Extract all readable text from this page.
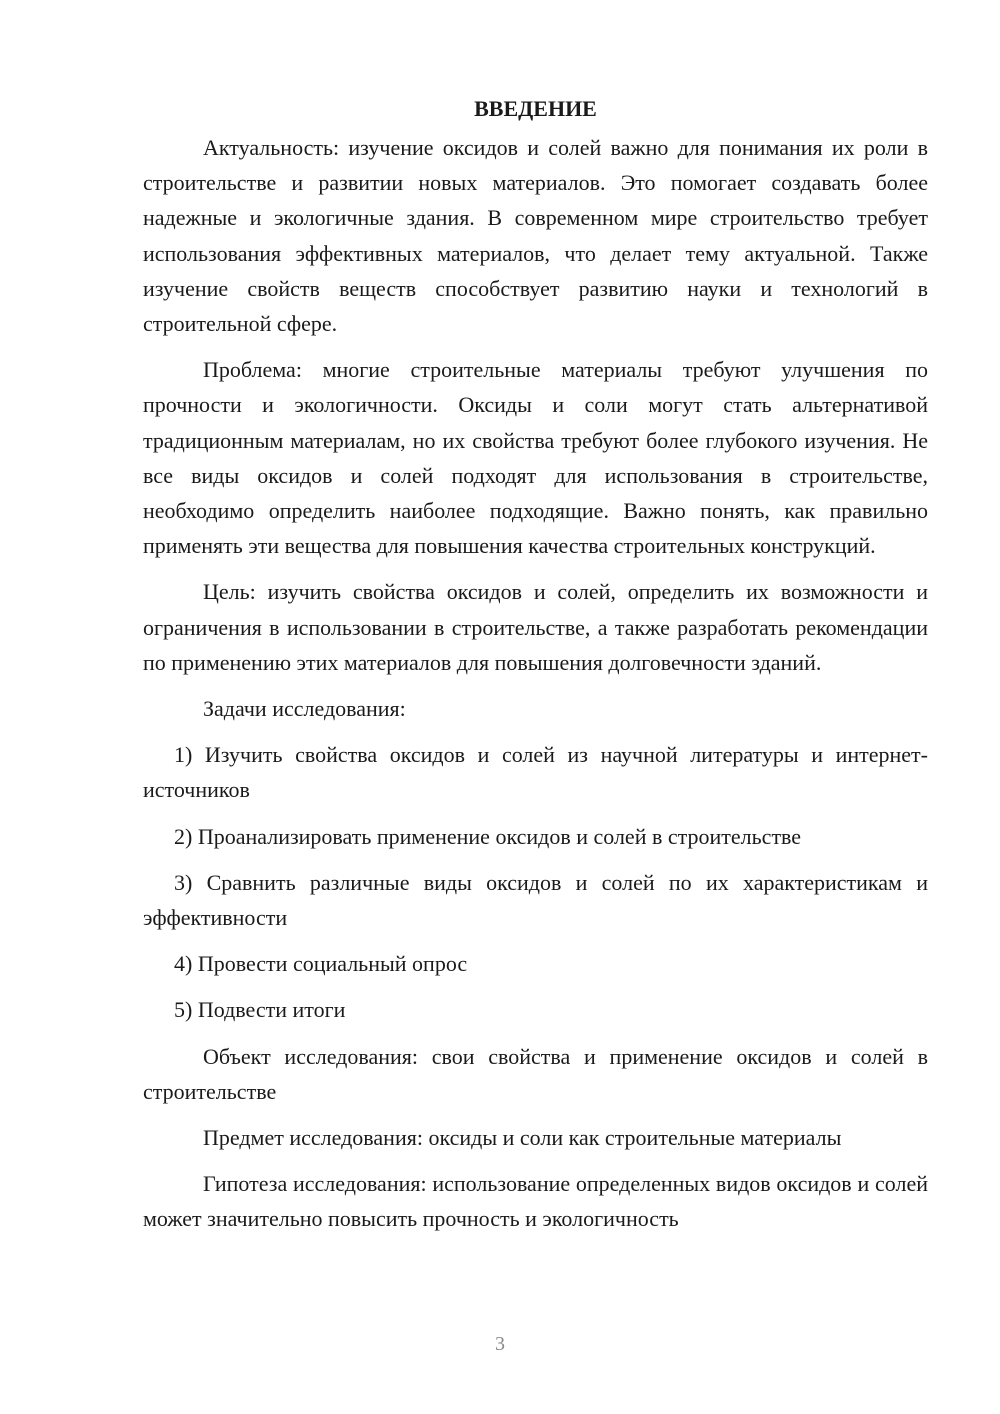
ВВЕДЕНИЕ

Актуальность: изучение оксидов и солей важно для понимания их роли в строительстве и развитии новых материалов. Это помогает создавать более надежные и экологичные здания. В современном мире строительство требует использования эффективных материалов, что делает тему актуальной. Также изучение свойств веществ способствует развитию науки и технологий в строительной сфере.

Проблема: многие строительные материалы требуют улучшения по прочности и экологичности. Оксиды и соли могут стать альтернативой традиционным материалам, но их свойства требуют более глубокого изучения. Не все виды оксидов и солей подходят для использования в строительстве, необходимо определить наиболее подходящие. Важно понять, как правильно применять эти вещества для повышения качества строительных конструкций.

Цель: изучить свойства оксидов и солей, определить их возможности и ограничения в использовании в строительстве, а также разработать рекомендации по применению этих материалов для повышения долговечности зданий.

Задачи исследования:

1) Изучить свойства оксидов и солей из научной литературы и интернет-источников

2) Проанализировать применение оксидов и солей в строительстве

3) Сравнить различные виды оксидов и солей по их характеристикам и эффективности

4) Провести социальный опрос

5) Подвести итоги

Объект исследования: свои свойства и применение оксидов и солей в строительстве

Предмет исследования: оксиды и соли как строительные материалы

Гипотеза исследования: использование определенных видов оксидов и солей может значительно повысить прочность и экологичность

3
